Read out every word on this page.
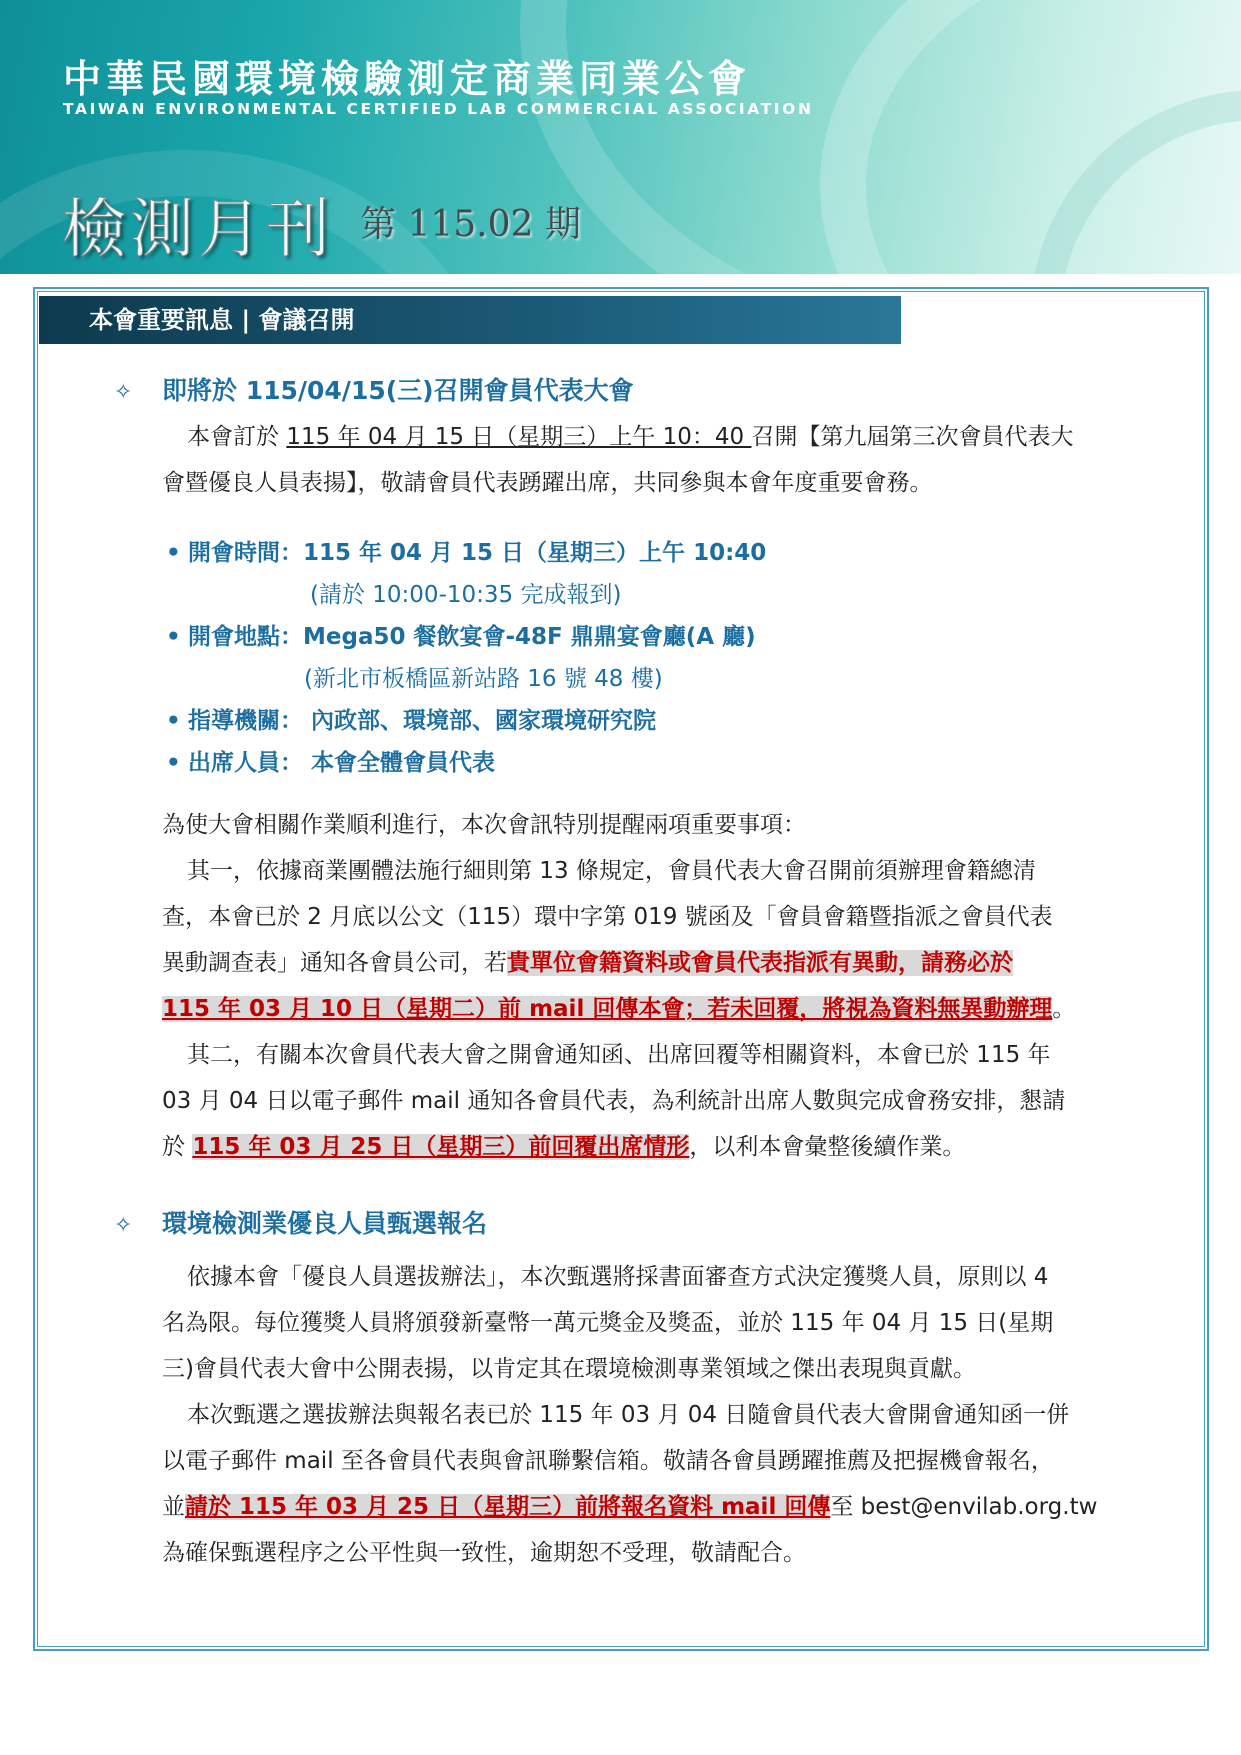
中華民國環境檢驗測定商業同業公會
TAIWAN ENVIRONMENTAL CERTIFIED LAB COMMERCIAL ASSOCIATION
檢測月刊 第 115.02 期
本會重要訊息 | 會議召開
✧ 即將於 115/04/15(三)召開會員代表大會
本會訂於 115 年 04 月 15 日（星期三）上午 10：40 召開【第九屆第三次會員代表大
會暨優良人員表揚】，敬請會員代表踴躍出席，共同參與本會年度重要會務。
• 開會時間：115 年 04 月 15 日（星期三）上午 10:40
(請於 10:00-10:35 完成報到)
• 開會地點：Mega50 餐飲宴會-48F 鼎鼎宴會廳(A 廳)
(新北市板橋區新站路 16 號 48 樓)
• 指導機關： 內政部、環境部、國家環境研究院
• 出席人員： 本會全體會員代表
為使大會相關作業順利進行，本次會訊特別提醒兩項重要事項：
其一，依據商業團體法施行細則第 13 條規定，會員代表大會召開前須辦理會籍總清
查，本會已於 2 月底以公文（115）環中字第 019 號函及「會員會籍暨指派之會員代表
異動調查表」通知各會員公司，若貴單位會籍資料或會員代表指派有異動，請務必於
115 年 03 月 10 日（星期二）前 mail 回傳本會；若未回覆，將視為資料無異動辦理。
其二，有關本次會員代表大會之開會通知函、出席回覆等相關資料，本會已於 115 年
03 月 04 日以電子郵件 mail 通知各會員代表，為利統計出席人數與完成會務安排，懇請
於 115 年 03 月 25 日（星期三）前回覆出席情形，以利本會彙整後續作業。
✧ 環境檢測業優良人員甄選報名
依據本會「優良人員選拔辦法」，本次甄選將採書面審查方式決定獲獎人員，原則以 4
名為限。每位獲獎人員將頒發新臺幣一萬元獎金及獎盃，並於 115 年 04 月 15 日(星期
三)會員代表大會中公開表揚，以肯定其在環境檢測專業領域之傑出表現與貢獻。
本次甄選之選拔辦法與報名表已於 115 年 03 月 04 日隨會員代表大會開會通知函一併
以電子郵件 mail 至各會員代表與會訊聯繫信箱。敬請各會員踴躍推薦及把握機會報名，
並請於 115 年 03 月 25 日（星期三）前將報名資料 mail 回傳至 best@envilab.org.tw
為確保甄選程序之公平性與一致性，逾期恕不受理，敬請配合。
